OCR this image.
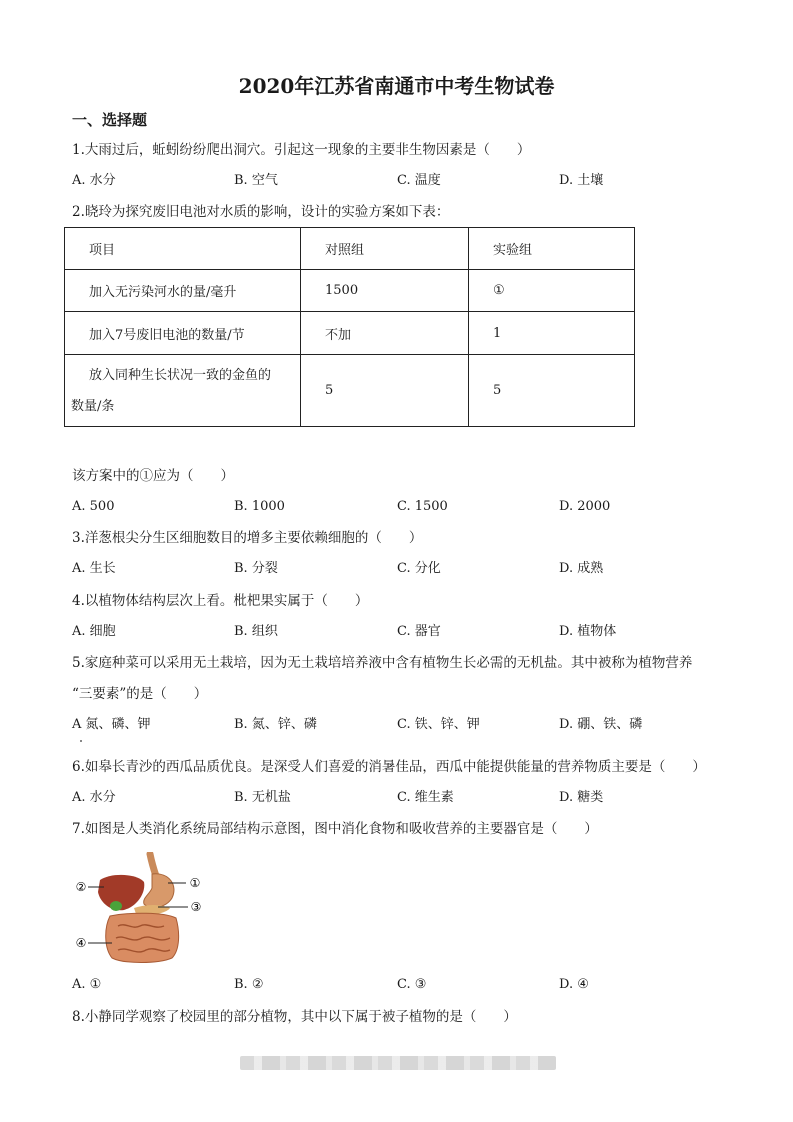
2020年江苏省南通市中考生物试卷
一、选择题
1.大雨过后，蚯蚓纷纷爬出洞穴。引起这一现象的主要非生物因素是（　　）
A. 水分	B. 空气	C. 温度	D. 土壤
2.晓玲为探究废旧电池对水质的影响，设计的实验方案如下表：
项目	对照组	实验组
加入无污染河水的量/毫升	1500	①
加入7号废旧电池的数量/节	不加	1

放入同种生长状况一致的金鱼的
数量/条	5	5
该方案中的①应为（　　）
A. 500	B. 1000	C. 1500	D. 2000
3.洋葱根尖分生区细胞数目的增多主要依赖细胞的（　　）
A. 生长	B. 分裂	C. 分化	D. 成熟
4.以植物体结构层次上看。枇杷果实属于（　　）
A. 细胞	B. 组织	C. 器官	D. 植物体
5.家庭种菜可以采用无土栽培，因为无土栽培培养液中含有植物生长必需的无机盐。其中被称为植物营养
“三要素”的是（　　）
A 氮、磷、钾	B. 氮、锌、磷	C. 铁、锌、钾	D. 硼、铁、磷
6.如皋长青沙的西瓜品质优良。是深受人们喜爱的消暑佳品，西瓜中能提供能量的营养物质主要是（　　）
A. 水分	B. 无机盐	C. 维生素	D. 糖类
7.如图是人类消化系统局部结构示意图，图中消化食物和吸收营养的主要器官是（　　）
①
②
③
④
A. ①	B. ②	C. ③	D. ④
8.小静同学观察了校园里的部分植物，其中以下属于被子植物的是（　　）
